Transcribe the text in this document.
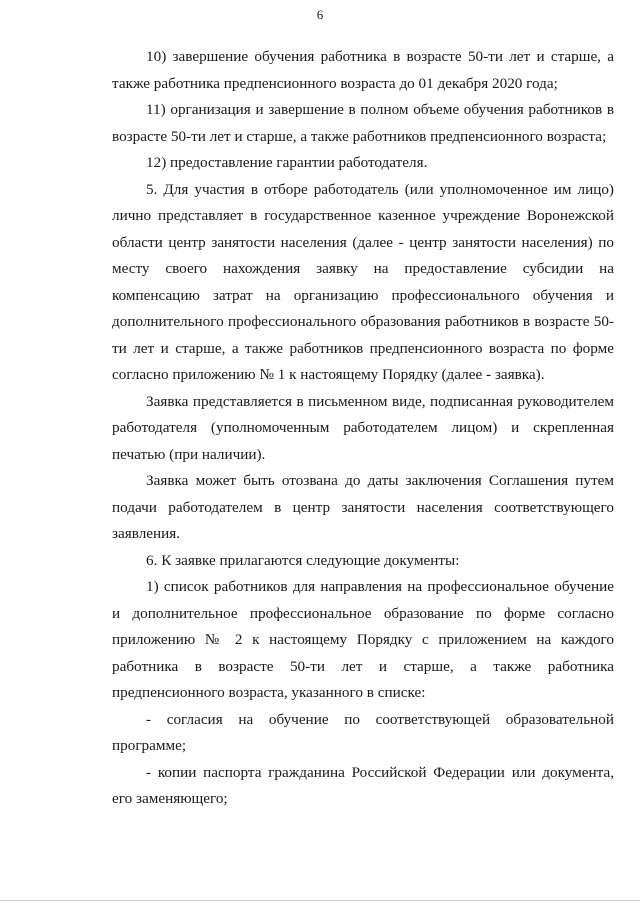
6

10) завершение обучения работника в возрасте 50-ти лет и старше, а также работника предпенсионного возраста до 01 декабря 2020 года;

11) организация и завершение в полном объеме обучения работников в возрасте 50-ти лет и старше, а также работников предпенсионного возраста;

12) предоставление гарантии работодателя.

5. Для участия в отборе работодатель (или уполномоченное им лицо) лично представляет в государственное казенное учреждение Воронежской области центр занятости населения (далее - центр занятости населения) по месту своего нахождения заявку на предоставление субсидии на компенсацию затрат на организацию профессионального обучения и дополнительного профессионального образования работников в возрасте 50-ти лет и старше, а также работников предпенсионного возраста по форме согласно приложению № 1 к настоящему Порядку (далее - заявка).

Заявка представляется в письменном виде, подписанная руководителем работодателя (уполномоченным работодателем лицом) и скрепленная печатью (при наличии).

Заявка может быть отозвана до даты заключения Соглашения путем подачи работодателем в центр занятости населения соответствующего заявления.

6. К заявке прилагаются следующие документы:

1) список работников для направления на профессиональное обучение и дополнительное профессиональное образование по форме согласно приложению № 2 к настоящему Порядку с приложением на каждого работника в возрасте 50-ти лет и старше, а также работника предпенсионного возраста, указанного в списке:

- согласия на обучение по соответствующей образовательной программе;

- копии паспорта гражданина Российской Федерации или документа, его заменяющего;
